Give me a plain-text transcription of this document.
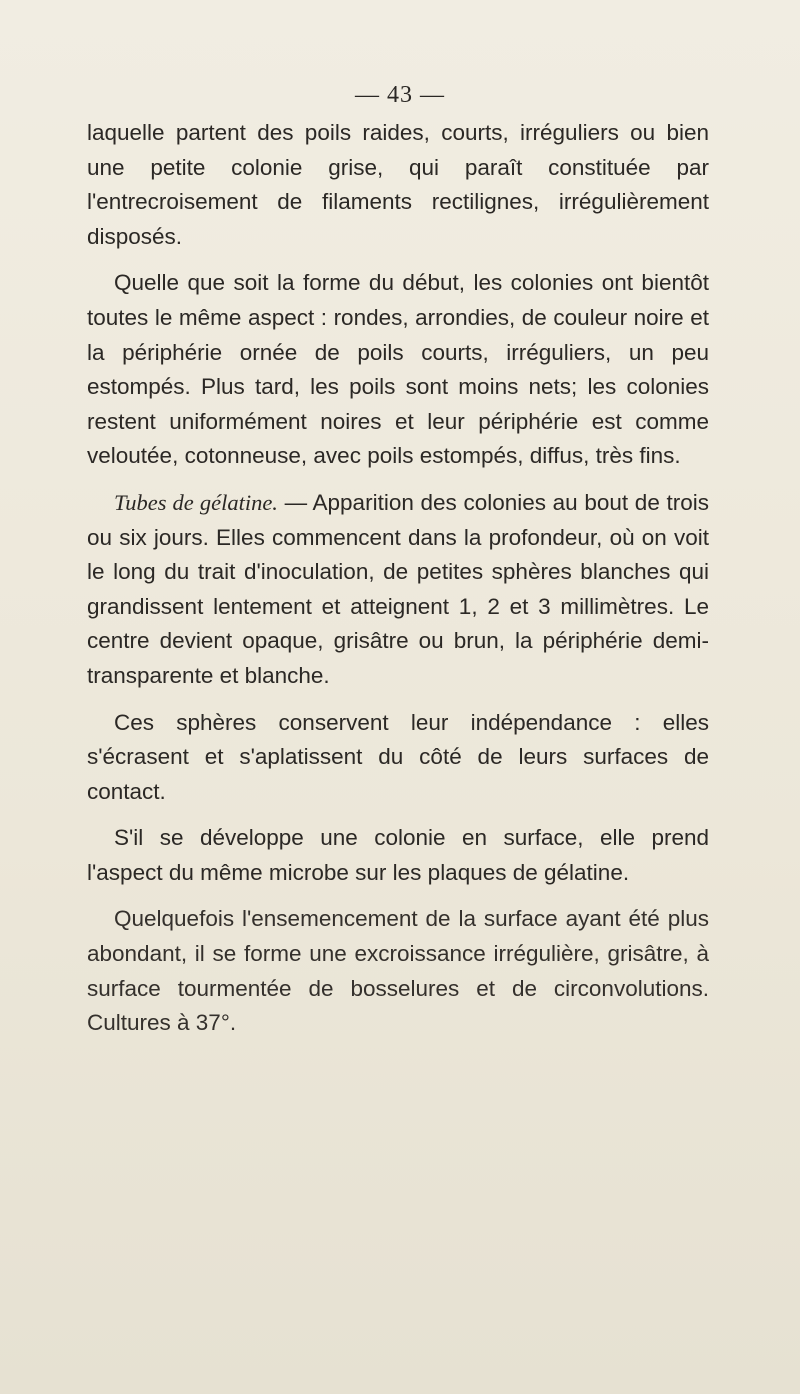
— 43 —

laquelle partent des poils raides, courts, irréguliers ou bien une petite colonie grise, qui paraît constituée par l'entrecroisement de filaments rectilignes, irrégulièrement disposés.

Quelle que soit la forme du début, les colonies ont bientôt toutes le même aspect : rondes, arrondies, de couleur noire et la périphérie ornée de poils courts, irréguliers, un peu estompés. Plus tard, les poils sont moins nets; les colonies restent uniformément noires et leur périphérie est comme veloutée, cotonneuse, avec poils estompés, diffus, très fins.

Tubes de gélatine. — Apparition des colonies au bout de trois ou six jours. Elles commencent dans la profondeur, où on voit le long du trait d'inoculation, de petites sphères blanches qui grandissent lentement et atteignent 1, 2 et 3 millimètres. Le centre devient opaque, grisâtre ou brun, la périphérie demi-transparente et blanche.

Ces sphères conservent leur indépendance : elles s'écrasent et s'aplatissent du côté de leurs surfaces de contact.

S'il se développe une colonie en surface, elle prend l'aspect du même microbe sur les plaques de gélatine.

Quelquefois l'ensemencement de la surface ayant été plus abondant, il se forme une excroissance irrégulière, grisâtre, à surface tourmentée de bosselures et de circonvolutions. Cultures à 37°.
